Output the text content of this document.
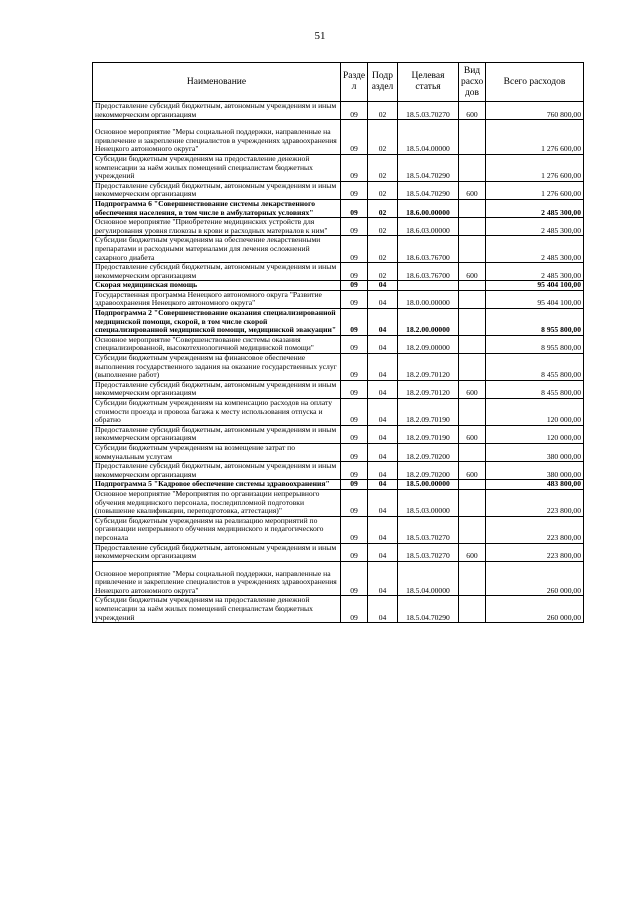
51
Наименование	Разде л	Подр аздел	Целевая статья	Вид расхо дов	Всего расходов
Предоставление субсидий бюджетным, автономным учреждениям и иным некоммерческим организациям	09	02	18.5.03.70270	600	760 800,00
Основное мероприятие "Меры социальной поддержки, направленные на привлечение и закрепление специалистов в учреждениях здравоохранения Ненецкого автономного округа"	09	02	18.5.04.00000		1 276 600,00
Субсидии бюджетным учреждениям на предоставление денежной компенсации за наём жилых помещений специалистам бюджетных учреждений	09	02	18.5.04.70290		1 276 600,00
Предоставление субсидий бюджетным, автономным учреждениям и иным некоммерческим организациям	09	02	18.5.04.70290	600	1 276 600,00
Подпрограмма 6 "Совершенствование системы лекарственного обеспечения населения, в том числе в амбулаторных условиях"	09	02	18.6.00.00000		2 485 300,00
Основное мероприятие "Приобретение медицинских устройств для регулирования уровня глюкозы в крови и расходных материалов к ним"	09	02	18.6.03.00000		2 485 300,00
Субсидии бюджетным учреждениям на обеспечение лекарственными препаратами и расходными материалами для лечения осложнений сахарного диабета	09	02	18.6.03.76700		2 485 300,00
Предоставление субсидий бюджетным, автономным учреждениям и иным некоммерческим организациям	09	02	18.6.03.76700	600	2 485 300,00
Скорая медицинская помощь	09	04			95 404 100,00
Государственная программа Ненецкого автономного округа "Развитие здравоохранения Ненецкого автономного округа"	09	04	18.0.00.00000		95 404 100,00
Подпрограмма 2 "Совершенствование оказания специализированной медицинской помощи, скорой, в том числе скорой специализированной медицинской помощи, медицинской эвакуации"	09	04	18.2.00.00000		8 955 800,00
Основное мероприятие "Совершенствование системы оказания специализированной, высокотехнологичной медицинской помощи"	09	04	18.2.09.00000		8 955 800,00
Субсидии бюджетным учреждениям на финансовое обеспечение выполнения государственного задания на оказание государственных услуг (выполнение работ)	09	04	18.2.09.70120		8 455 800,00
Предоставление субсидий бюджетным, автономным учреждениям и иным некоммерческим организациям	09	04	18.2.09.70120	600	8 455 800,00
Субсидии бюджетным учреждениям на компенсацию расходов на оплату стоимости проезда и провоза багажа к месту использования отпуска и обратно	09	04	18.2.09.70190		120 000,00
Предоставление субсидий бюджетным, автономным учреждениям и иным некоммерческим организациям	09	04	18.2.09.70190	600	120 000,00
Субсидии бюджетным учреждениям на возмещение затрат по коммунальным услугам	09	04	18.2.09.70200		380 000,00
Предоставление субсидий бюджетным, автономным учреждениям и иным некоммерческим организациям	09	04	18.2.09.70200	600	380 000,00
Подпрограмма 5 "Кадровое обеспечение системы здравоохранения"	09	04	18.5.00.00000		483 800,00
Основное мероприятие "Мероприятия по организации непрерывного обучения медицинского персонала, последипломной подготовки (повышение квалификации, переподготовка, аттестация)"	09	04	18.5.03.00000		223 800,00
Субсидии бюджетным учреждениям на реализацию мероприятий по организации непрерывного обучения медицинского и педагогического персонала	09	04	18.5.03.70270		223 800,00
Предоставление субсидий бюджетным, автономным учреждениям и иным некоммерческим организациям	09	04	18.5.03.70270	600	223 800,00
Основное мероприятие "Меры социальной поддержки, направленные на привлечение и закрепление специалистов в учреждениях здравоохранения Ненецкого автономного округа"	09	04	18.5.04.00000		260 000,00
Субсидии бюджетным учреждениям на предоставление денежной компенсации за наём жилых помещений специалистам бюджетных учреждений	09	04	18.5.04.70290		260 000,00
